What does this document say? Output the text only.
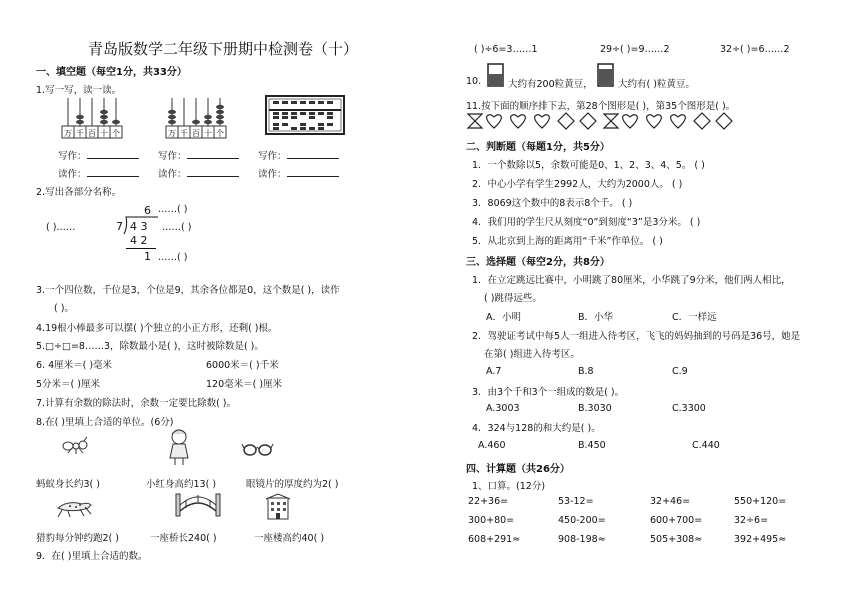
青岛版数学二年级下册期中检测卷（十）
一、填空题（每空1分，共33分）
1.写一写，读一读。
万 千 百 十 个	万 千 百 十 个
写作：	写作：	写作：
读作：	读作：	读作：
2.写出各部分名称。
6 ……( )
( )……	7 4 3 ……( )
4 2
1 ……( )
3.一个四位数，千位是3，个位是9，其余各位都是0，这个数是( )，读作
( )。
4.19根小棒最多可以摆( )个独立的小正方形，还剩( )根。
5.□÷□=8……3，除数最小是( )，这时被除数是( )。
6. 4厘米＝( )毫米	6000米＝( )千米
5分米＝( )厘米	120毫米＝( )厘米
7.计算有余数的除法时，余数一定要比除数( )。
8.在( )里填上合适的单位。(6分)
蚂蚁身长约3( )	小红身高约13( )	眼镜片的厚度约为2( )
猎豹每分钟约跑2( )	一座桥长240( )	一座楼高约40( )
9．在( )里填上合适的数。
( )÷6=3……1	29÷( )=9……2	32÷( )=6……2
10.	大约有200粒黄豆，	大约有( )粒黄豆。
11.按下面的顺序排下去，第28个图形是( )，第35个图形是( )。
二、判断题（每题1分，共5分）
1．一个数除以5，余数可能是0、1、2、3、4、5。 ( )
2．中心小学有学生2992人，大约为2000人。 ( )
3．8069这个数中的8表示8个千。 ( )
4．我们用的学生尺从刻度“0”到刻度“3”是3分米。 ( )
5．从北京到上海的距离用“千米”作单位。 ( )
三、选择题（每空2分，共8分）
1．在立定跳远比赛中，小明跳了80厘米，小华跳了9分米，他们两人相比，
( )跳得远些。
A．小明	B．小华	C．一样远
2．驾驶证考试中每5人一组进入待考区，飞飞的妈妈抽到的号码是36号，她是
在第( )组进入待考区。
A.7	B.8	C.9
3．由3个千和3个一组成的数是( )。
A.3003	B.3030	C.3300
4．324与128的和大约是( )。
A.460	B.450	C.440
四、计算题（共26分）
1、口算。(12分)
22+36=	53-12=	32+46=	550+120=
300+80=	450-200=	600+700=	32÷6=
608+291≈	908-198≈	505+308≈	392+495≈
